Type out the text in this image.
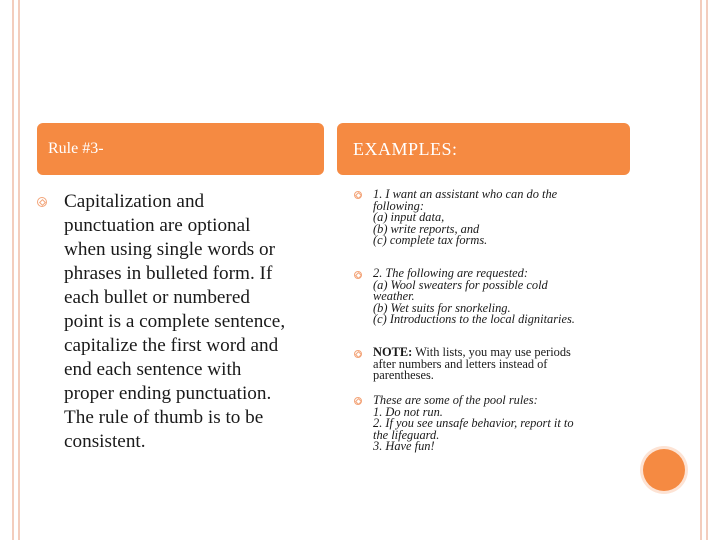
Rule #3-	EXAMPLES:
Capitalization and
punctuation are optional
when using single words or
phrases in bulleted form. If
each bullet or numbered
point is a complete sentence,
capitalize the first word and
end each sentence with
proper ending punctuation.
The rule of thumb is to be
consistent.
1. I want an assistant who can do the
following:
(a) input data,
(b) write reports, and
(c) complete tax forms.
2. The following are requested:
(a) Wool sweaters for possible cold
weather.
(b) Wet suits for snorkeling.
(c) Introductions to the local dignitaries.
NOTE: With lists, you may use periods
after numbers and letters instead of
parentheses.
These are some of the pool rules:
1. Do not run.
2. If you see unsafe behavior, report it to
the lifeguard.
3. Have fun!
